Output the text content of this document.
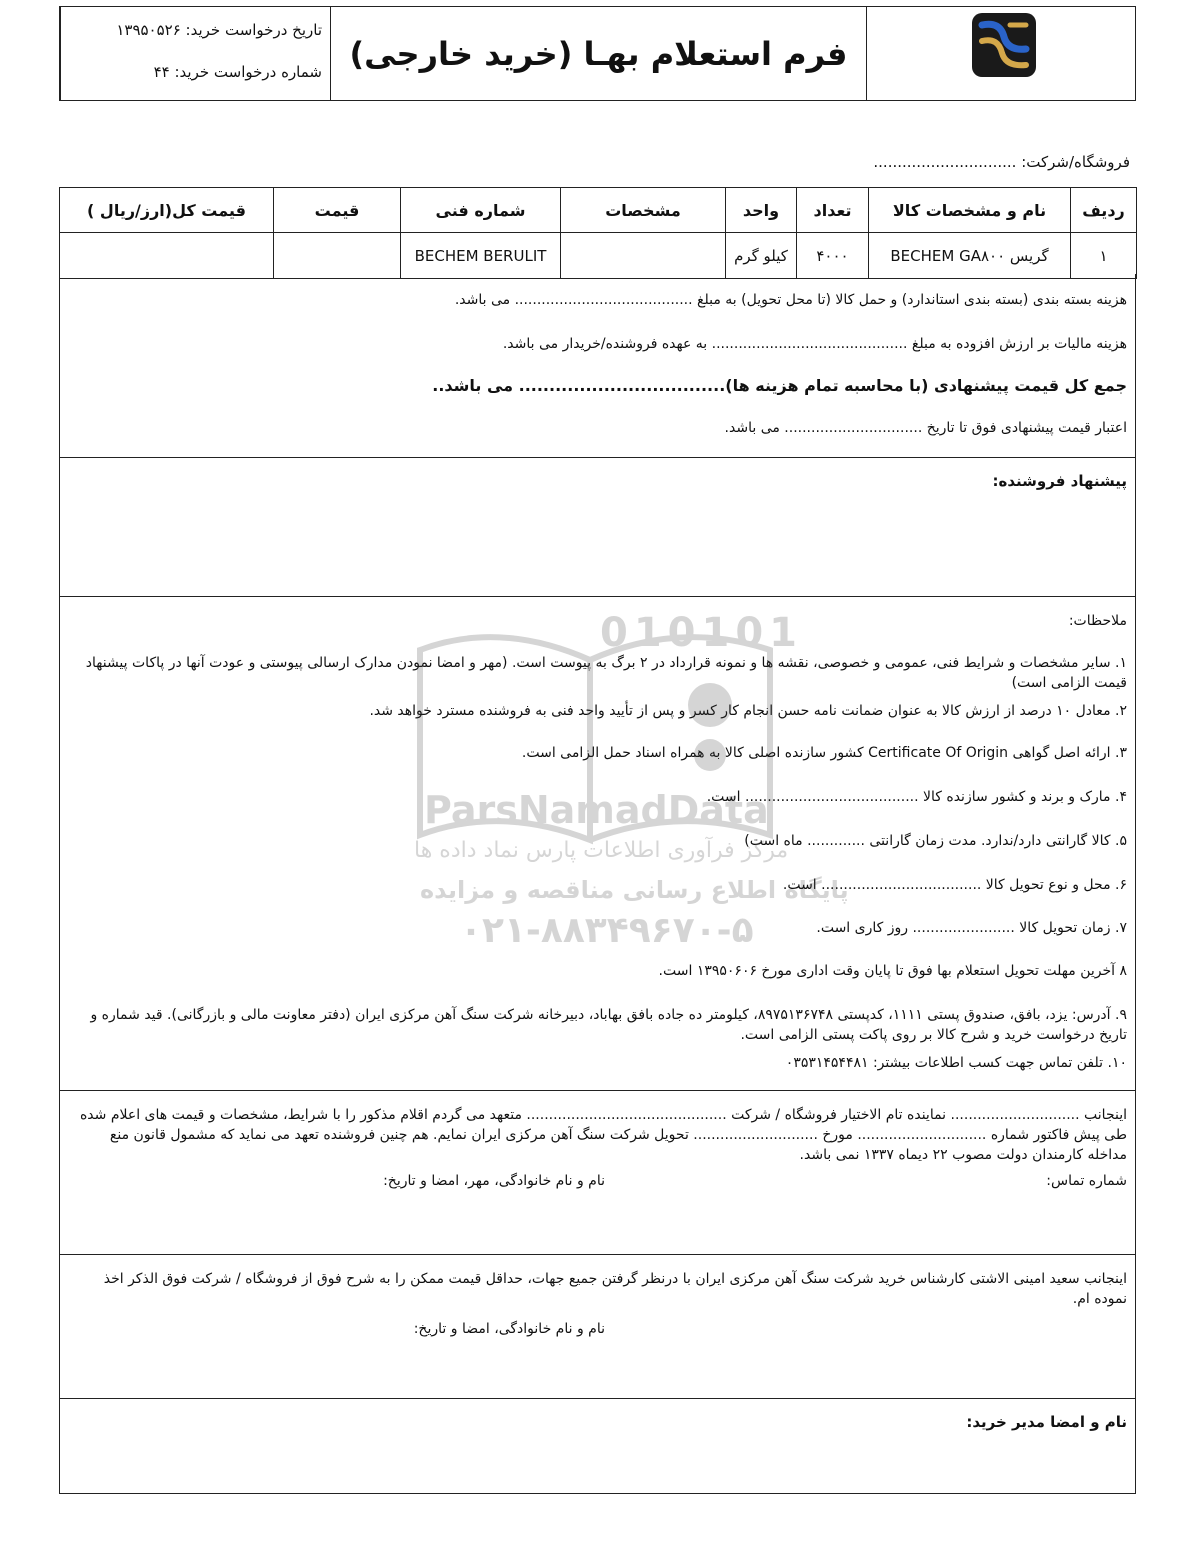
تاریخ درخواست خرید: ۱۳۹۵۰۵۲۶
شماره درخواست خرید: ۴۴ فرم استعلام بهـا (خرید خارجی)
فروشگاه/شرکت: ..............................
ردیف	نام و مشخصات کالا	تعداد	واحد	مشخصات	شماره فنی	قیمت	قیمت کل(ارز/ریال )
۱	گریس BECHEM GA۸۰۰	۴۰۰۰	کیلو گرم		BECHEM BERULIT		
هزینه بسته بندی (بسته بندی استاندارد) و حمل کالا (تا محل تحویل) به مبلغ ........................................ می باشد.
هزینه مالیات بر ارزش افزوده به مبلغ ............................................ به عهده فروشنده/خریدار می باشد.
جمع کل قیمت پیشنهادی (با محاسبه تمام هزینه ها).................................. می باشد..
اعتبار قیمت پیشنهادی فوق تا تاریخ ............................... می باشد.
پیشنهاد فروشنده:
ملاحظات:
۱. سایر مشخصات و شرایط فنی، عمومی و خصوصی، نقشه ها و نمونه قرارداد در ۲ برگ به پیوست است. (مهر و امضا نمودن مدارک ارسالی پیوستی و عودت آنها در پاکات پیشنهاد قیمت الزامی است)
۲. معادل ۱۰ درصد از ارزش کالا به عنوان ضمانت نامه حسن انجام کار کسر و پس از تأیید واحد فنی به فروشنده مسترد خواهد شد.
۳. ارائه اصل گواهی Certificate Of Origin کشور سازنده اصلی کالا به همراه اسناد حمل الزامی است.
۴. مارک و برند و کشور سازنده کالا ....................................... است.
۵. کالا گارانتی دارد/ندارد. مدت زمان گارانتی ............. ماه است)
۶. محل و نوع تحویل کالا .................................... است.
۷. زمان تحویل کالا ....................... روز کاری است.
۸ آخرین مهلت تحویل استعلام بها فوق تا پایان وقت اداری مورخ ۱۳۹۵۰۶۰۶ است.
۹. آدرس: یزد، بافق، صندوق پستی ۱۱۱۱، کدپستی ۸۹۷۵۱۳۶۷۴۸، کیلومتر ده جاده بافق بهاباد، دبیرخانه شرکت سنگ آهن مرکزی ایران (دفتر معاونت مالی و بازرگانی). قید شماره و تاریخ درخواست خرید و شرح کالا بر روی پاکت پستی الزامی است.
۱۰. تلفن تماس جهت کسب اطلاعات بیشتر: ۰۳۵۳۱۴۵۴۴۸۱
010101
ParsNamadData
مرکز فرآوری اطلاعات پارس نماد داده ها
پایگاه اطلاع رسانی مناقصه و مزایده
۰۲۱-۸۸۳۴۹۶۷۰-۵
اینجانب ............................. نماینده تام الاختیار فروشگاه / شرکت ............................................. متعهد می گردم اقلام مذکور را با شرایط، مشخصات و قیمت های اعلام شده طی پیش فاکتور شماره ............................. مورخ ............................ تحویل شرکت سنگ آهن مرکزی ایران نمایم. هم چنین فروشنده تعهد می نماید که مشمول قانون منع مداخله کارمندان دولت مصوب ۲۲ دیماه ۱۳۳۷ نمی باشد.
شماره تماس:
نام و نام خانوادگی، مهر، امضا و تاریخ:
اینجانب سعید امینی الاشتی کارشناس خرید شرکت سنگ آهن مرکزی ایران با درنظر گرفتن جمیع جهات، حداقل قیمت ممکن را به شرح فوق از فروشگاه / شرکت فوق الذکر اخذ نموده ام.
نام و نام خانوادگی، امضا و تاریخ:
نام و امضا مدیر خرید:
